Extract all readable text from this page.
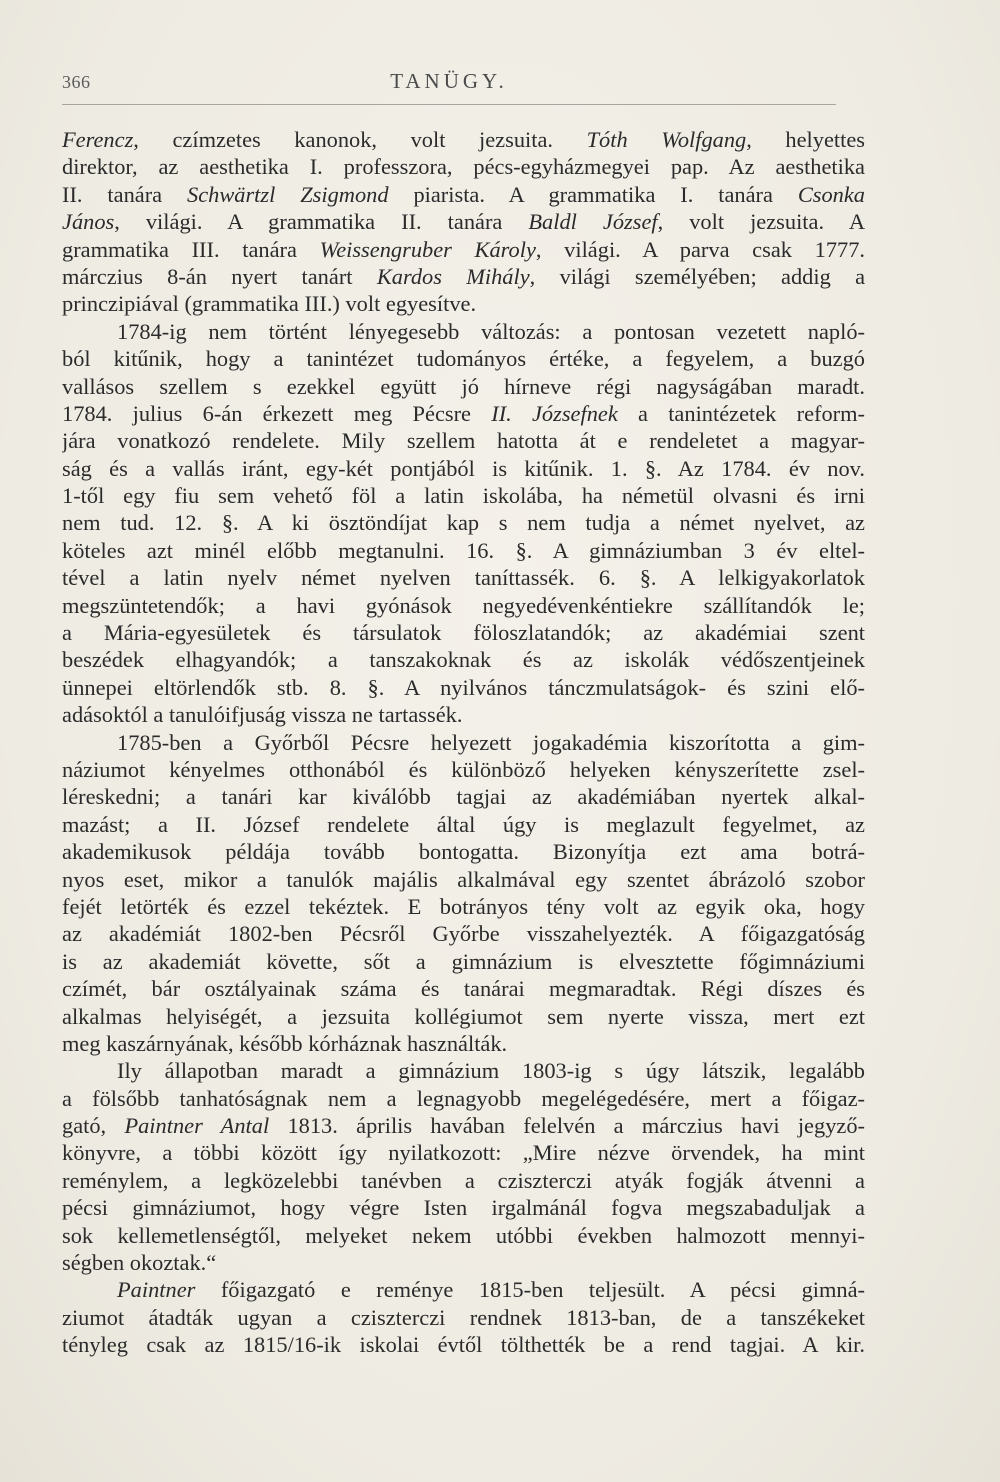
366	TANÜGY.
Ferencz, czímzetes kanonok, volt jezsuita. Tóth Wolfgang, helyettes
direktor, az aesthetika I. professzora, pécs-egyházmegyei pap. Az aesthetika
II. tanára Schwärtzl Zsigmond piarista. A grammatika I. tanára Csonka
János, világi. A grammatika II. tanára Baldl József, volt jezsuita. A
grammatika III. tanára Weissengruber Károly, világi. A parva csak 1777.
márczius 8-án nyert tanárt Kardos Mihály, világi személyében; addig a
princzipiával (grammatika III.) volt egyesítve.
1784-ig nem történt lényegesebb változás: a pontosan vezetett napló-
ból kitűnik, hogy a tanintézet tudományos értéke, a fegyelem, a buzgó
vallásos szellem s ezekkel együtt jó hírneve régi nagyságában maradt.
1784. julius 6-án érkezett meg Pécsre II. Józsefnek a tanintézetek reform-
jára vonatkozó rendelete. Mily szellem hatotta át e rendeletet a magyar-
ság és a vallás iránt, egy-két pontjából is kitűnik. 1. §. Az 1784. év nov.
1-től egy fiu sem vehető föl a latin iskolába, ha németül olvasni és irni
nem tud. 12. §. A ki ösztöndíjat kap s nem tudja a német nyelvet, az
köteles azt minél előbb megtanulni. 16. §. A gimnáziumban 3 év eltel-
tével a latin nyelv német nyelven taníttassék. 6. §. A lelkigyakorlatok
megszüntetendők; a havi gyónások negyedévenkéntiekre szállítandók le;
a Mária-egyesületek és társulatok föloszlatandók; az akadémiai szent
beszédek elhagyandók; a tanszakoknak és az iskolák védőszentjeinek
ünnepei eltörlendők stb. 8. §. A nyilvános tánczmulatságok- és szini elő-
adásoktól a tanulóifjuság vissza ne tartassék.
1785-ben a Győrből Pécsre helyezett jogakadémia kiszorította a gim-
náziumot kényelmes otthonából és különböző helyeken kényszerítette zsel-
léreskedni; a tanári kar kiválóbb tagjai az akadémiában nyertek alkal-
mazást; a II. József rendelete által úgy is meglazult fegyelmet, az
akademikusok példája tovább bontogatta. Bizonyítja ezt ama botrá-
nyos eset, mikor a tanulók majális alkalmával egy szentet ábrázoló szobor
fejét letörték és ezzel tekéztek. E botrányos tény volt az egyik oka, hogy
az akadémiát 1802-ben Pécsről Győrbe visszahelyezték. A főigazgatóság
is az akademiát követte, sőt a gimnázium is elvesztette főgimnáziumi
czímét, bár osztályainak száma és tanárai megmaradtak. Régi díszes és
alkalmas helyiségét, a jezsuita kollégiumot sem nyerte vissza, mert ezt
meg kaszárnyának, később kórháznak használták.
Ily állapotban maradt a gimnázium 1803-ig s úgy látszik, legalább
a fölsőbb tanhatóságnak nem a legnagyobb megelégedésére, mert a főigaz-
gató, Paintner Antal 1813. április havában felelvén a márczius havi jegyző-
könyvre, a többi között így nyilatkozott: „Mire nézve örvendek, ha mint
reménylem, a legközelebbi tanévben a cziszterczi atyák fogják átvenni a
pécsi gimnáziumot, hogy végre Isten irgalmánál fogva megszabaduljak a
sok kellemetlenségtől, melyeket nekem utóbbi években halmozott mennyi-
ségben okoztak.“
Paintner főigazgató e reménye 1815-ben teljesült. A pécsi gimná-
ziumot átadták ugyan a cziszterczi rendnek 1813-ban, de a tanszékeket
tényleg csak az 1815/16-ik iskolai évtől tölthették be a rend tagjai. A kir.
